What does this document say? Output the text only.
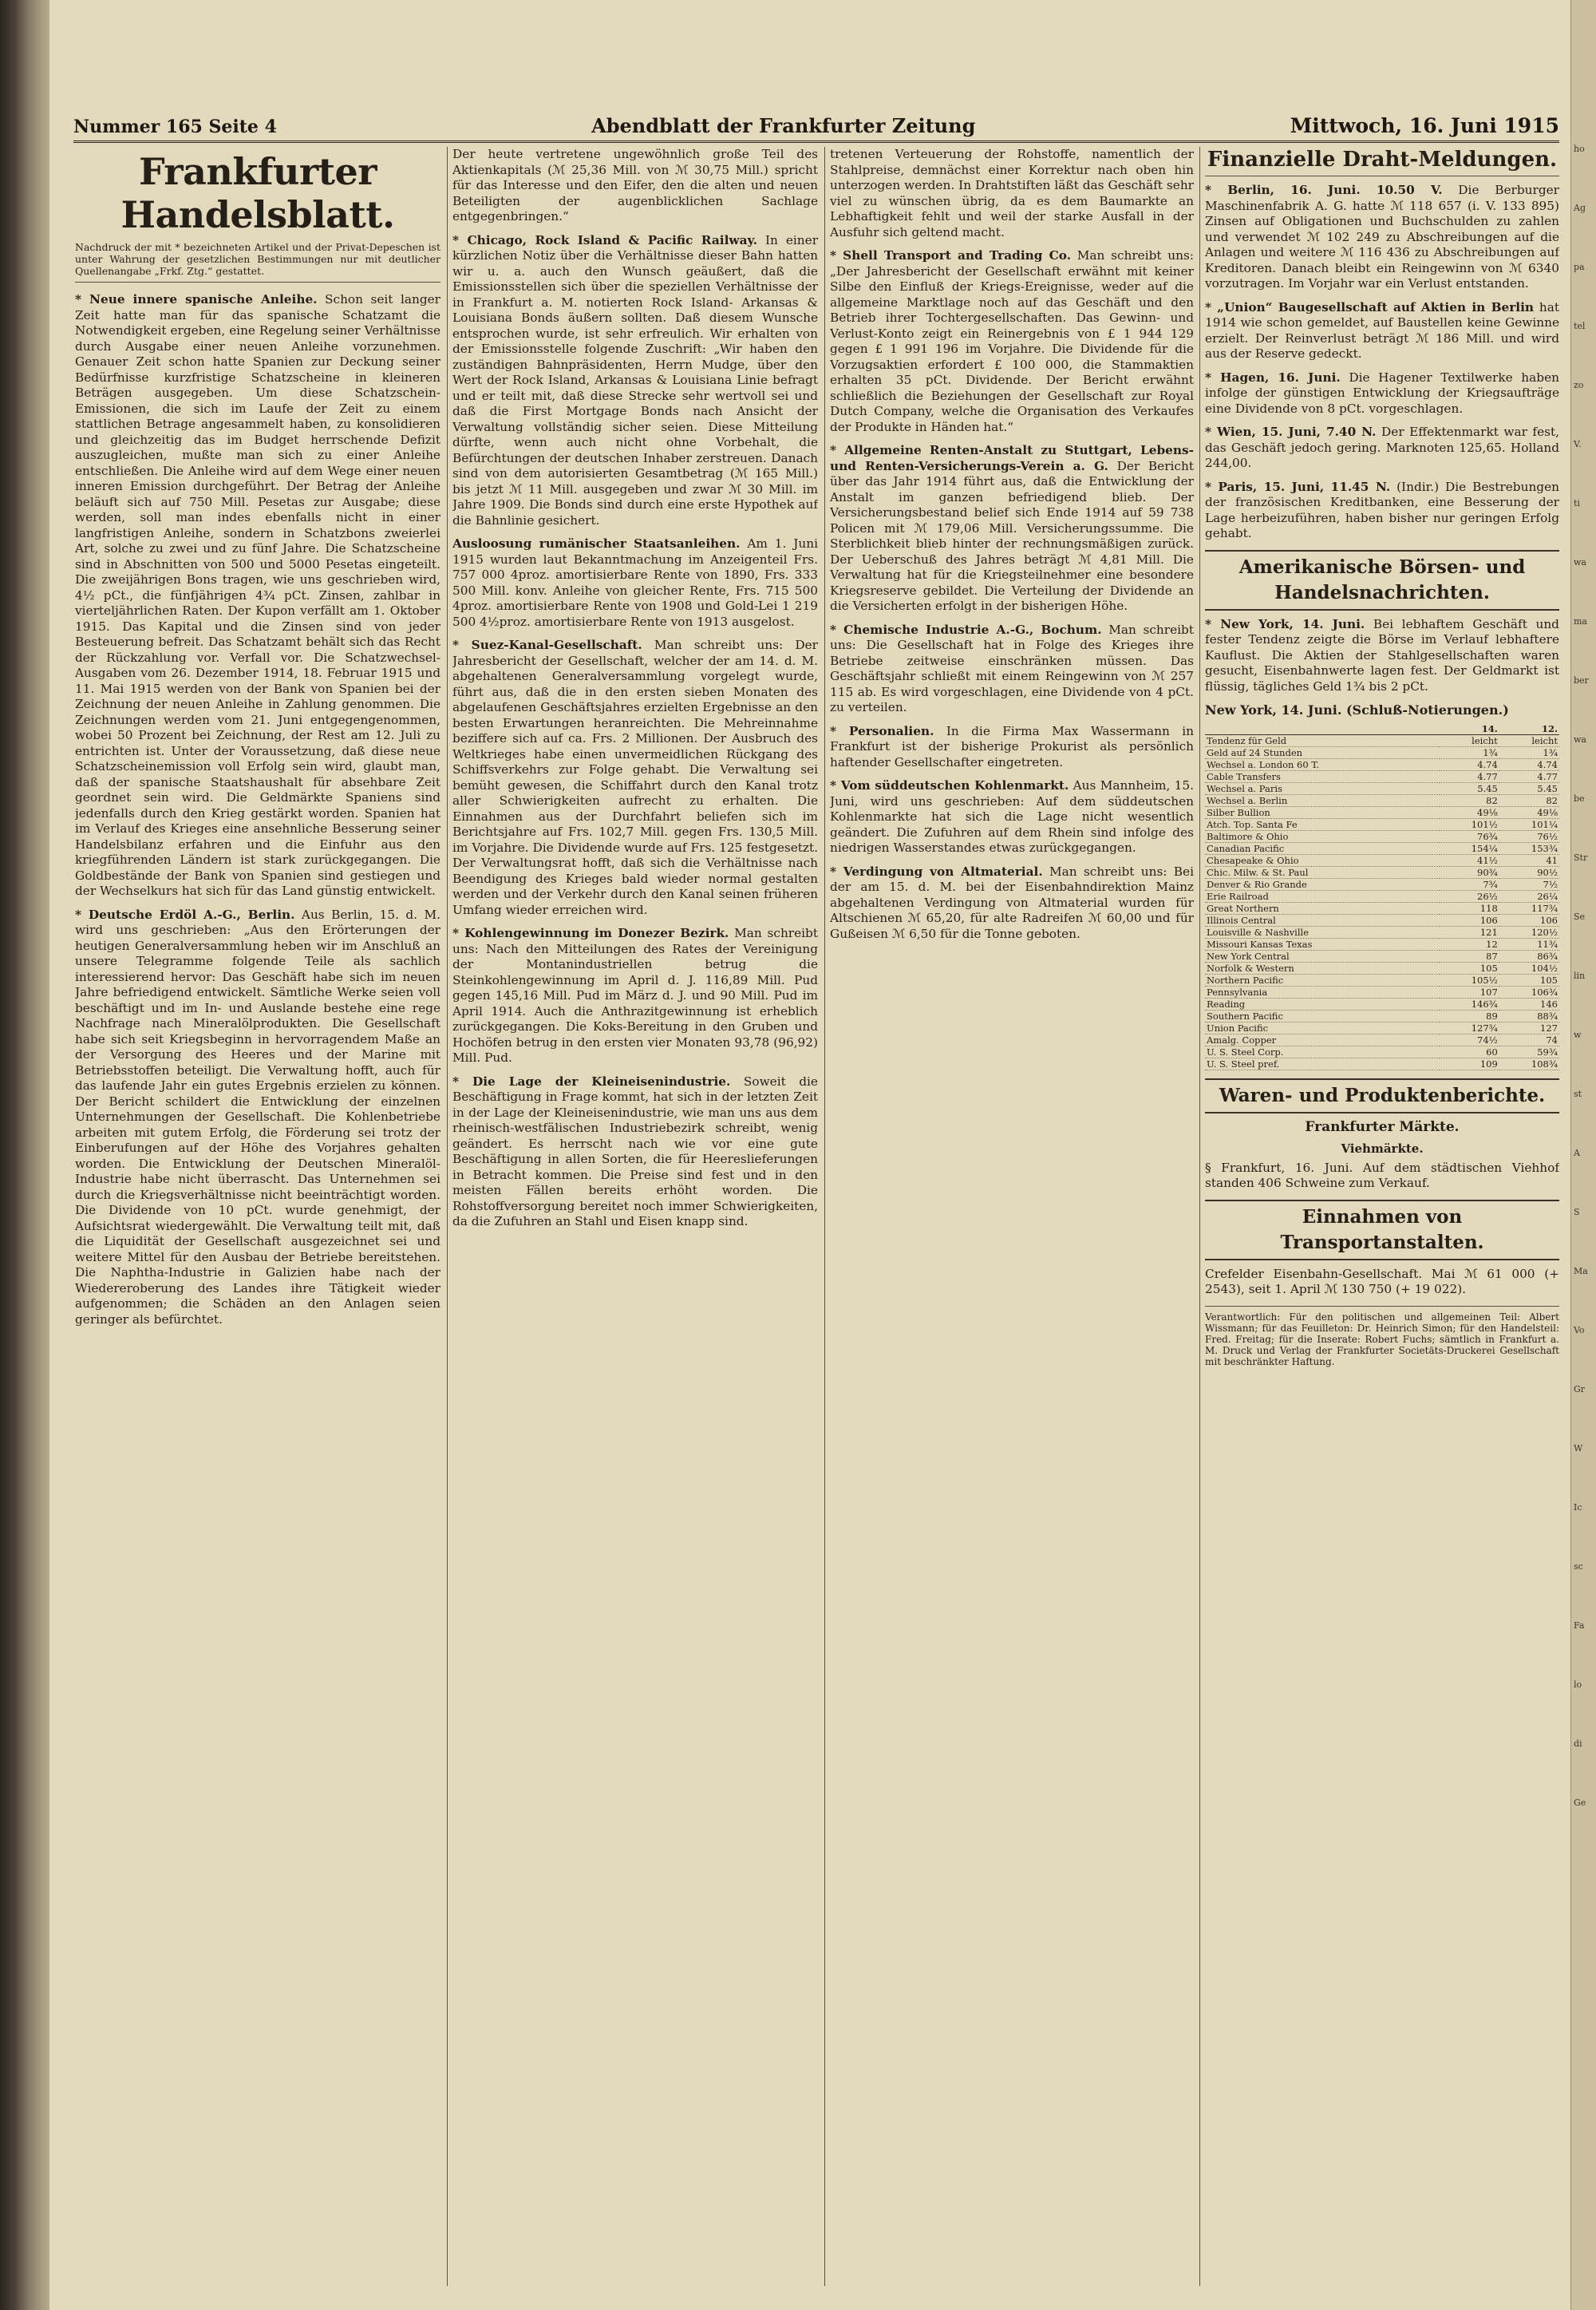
Nummer 165 Seite 4	Abendblatt der Frankfurter Zeitung	Mittwoch, 16. Juni 1915
Frankfurter Handelsblatt.
Nachdruck der mit * bezeichneten Artikel und der Privat-Depeschen ist unter Wahrung der gesetzlichen Bestimmungen nur mit deutlicher Quellenangabe „Frkf. Ztg.“ gestattet.
* Neue innere spanische Anleihe. Schon seit langer Zeit hatte man für das spanische Schatzamt die Notwendigkeit ergeben, eine Regelung seiner Verhältnisse durch Ausgabe einer neuen Anleihe vorzunehmen. Genauer Zeit schon hatte Spanien zur Deckung seiner Bedürfnisse kurzfristige Schatzscheine in kleineren Beträgen ausgegeben. Um diese Schatzschein-Emissionen, die sich im Laufe der Zeit zu einem stattlichen Betrage angesammelt haben, zu konsolidieren und gleichzeitig das im Budget herrschende Defizit auszugleichen, mußte man sich zu einer Anleihe entschließen. Die Anleihe wird auf dem Wege einer neuen inneren Emission durchgeführt. Der Betrag der Anleihe beläuft sich auf 750 Mill. Pesetas zur Ausgabe; diese werden, soll man indes ebenfalls nicht in einer langfristigen Anleihe, sondern in Schatzbons zweierlei Art, solche zu zwei und zu fünf Jahre. Die Schatzscheine sind in Abschnitten von 500 und 5000 Pesetas eingeteilt. Die zweijährigen Bons tragen, wie uns geschrieben wird, 4½ pCt., die fünfjährigen 4¾ pCt. Zinsen, zahlbar in vierteljährlichen Raten. Der Kupon verfällt am 1. Oktober 1915. Das Kapital und die Zinsen sind von jeder Besteuerung befreit. Das Schatzamt behält sich das Recht der Rückzahlung vor. Verfall vor. Die Schatzwechsel-Ausgaben vom 26. Dezember 1914, 18. Februar 1915 und 11. Mai 1915 werden von der Bank von Spanien bei der Zeichnung der neuen Anleihe in Zahlung genommen. Die Zeichnungen werden vom 21. Juni entgegengenommen, wobei 50 Prozent bei Zeichnung, der Rest am 12. Juli zu entrichten ist. Unter der Voraussetzung, daß diese neue Schatzscheinemission voll Erfolg sein wird, glaubt man, daß der spanische Staatshaushalt für absehbare Zeit geordnet sein wird. Die Geldmärkte Spaniens sind jedenfalls durch den Krieg gestärkt worden. Spanien hat im Verlauf des Krieges eine ansehnliche Besserung seiner Handelsbilanz erfahren und die Einfuhr aus den kriegführenden Ländern ist stark zurückgegangen. Die Goldbestände der Bank von Spanien sind gestiegen und der Wechselkurs hat sich für das Land günstig entwickelt.
* Deutsche Erdöl A.-G., Berlin. Aus Berlin, 15. d. M. wird uns geschrieben: „Aus den Erörterungen der heutigen Generalversammlung heben wir im Anschluß an unsere Telegramme folgende Teile als sachlich interessierend hervor: Das Geschäft habe sich im neuen Jahre befriedigend entwickelt. Sämtliche Werke seien voll beschäftigt und im In- und Auslande bestehe eine rege Nachfrage nach Mineralölprodukten. Die Gesellschaft habe sich seit Kriegsbeginn in hervorragendem Maße an der Versorgung des Heeres und der Marine mit Betriebsstoffen beteiligt. Die Verwaltung hofft, auch für das laufende Jahr ein gutes Ergebnis erzielen zu können. Der Bericht schildert die Entwicklung der einzelnen Unternehmungen der Gesellschaft. Die Kohlenbetriebe arbeiten mit gutem Erfolg, die Förderung sei trotz der Einberufungen auf der Höhe des Vorjahres gehalten worden. Die Entwicklung der Deutschen Mineralöl-Industrie habe nicht überrascht. Das Unternehmen sei durch die Kriegsverhältnisse nicht beeinträchtigt worden. Die Dividende von 10 pCt. wurde genehmigt, der Aufsichtsrat wiedergewählt. Die Verwaltung teilt mit, daß die Liquidität der Gesellschaft ausgezeichnet sei und weitere Mittel für den Ausbau der Betriebe bereitstehen. Die Naphtha-Industrie in Galizien habe nach der Wiedereroberung des Landes ihre Tätigkeit wieder aufgenommen; die Schäden an den Anlagen seien geringer als befürchtet.
Der heute vertretene ungewöhnlich große Teil des Aktienkapitals (ℳ 25,36 Mill. von ℳ 30,75 Mill.) spricht für das Interesse und den Eifer, den die alten und neuen Beteiligten der augenblicklichen Sachlage entgegenbringen.“
* Chicago, Rock Island & Pacific Railway. In einer kürzlichen Notiz über die Verhältnisse dieser Bahn hatten wir u. a. auch den Wunsch geäußert, daß die Emissionsstellen sich über die speziellen Verhältnisse der in Frankfurt a. M. notierten Rock Island- Arkansas & Louisiana Bonds äußern sollten. Daß diesem Wunsche entsprochen wurde, ist sehr erfreulich. Wir erhalten von der Emissionsstelle folgende Zuschrift: „Wir haben den zuständigen Bahnpräsidenten, Herrn Mudge, über den Wert der Rock Island, Arkansas & Louisiana Linie befragt und er teilt mit, daß diese Strecke sehr wertvoll sei und daß die First Mortgage Bonds nach Ansicht der Verwaltung vollständig sicher seien. Diese Mitteilung dürfte, wenn auch nicht ohne Vorbehalt, die Befürchtungen der deutschen Inhaber zerstreuen. Danach sind von dem autorisierten Gesamtbetrag (ℳ 165 Mill.) bis jetzt ℳ 11 Mill. ausgegeben und zwar ℳ 30 Mill. im Jahre 1909. Die Bonds sind durch eine erste Hypothek auf die Bahnlinie gesichert.
Ausloosung rumänischer Staatsanleihen. Am 1. Juni 1915 wurden laut Bekanntmachung im Anzeigenteil Frs. 757 000 4proz. amortisierbare Rente von 1890, Frs. 333 500 Mill. konv. Anleihe von gleicher Rente, Frs. 715 500 4proz. amortisierbare Rente von 1908 und Gold-Lei 1 219 500 4½proz. amortisierbare Rente von 1913 ausgelost.
* Suez-Kanal-Gesellschaft. Man schreibt uns: Der Jahresbericht der Gesellschaft, welcher der am 14. d. M. abgehaltenen Generalversammlung vorgelegt wurde, führt aus, daß die in den ersten sieben Monaten des abgelaufenen Geschäftsjahres erzielten Ergebnisse an den besten Erwartungen heranreichten. Die Mehreinnahme beziffere sich auf ca. Frs. 2 Millionen. Der Ausbruch des Weltkrieges habe einen unvermeidlichen Rückgang des Schiffsverkehrs zur Folge gehabt. Die Verwaltung sei bemüht gewesen, die Schiffahrt durch den Kanal trotz aller Schwierigkeiten aufrecht zu erhalten. Die Einnahmen aus der Durchfahrt beliefen sich im Berichtsjahre auf Frs. 102,7 Mill. gegen Frs. 130,5 Mill. im Vorjahre. Die Dividende wurde auf Frs. 125 festgesetzt. Der Verwaltungsrat hofft, daß sich die Verhältnisse nach Beendigung des Krieges bald wieder normal gestalten werden und der Verkehr durch den Kanal seinen früheren Umfang wieder erreichen wird.
* Kohlengewinnung im Donezer Bezirk. Man schreibt uns: Nach den Mitteilungen des Rates der Vereinigung der Montanindustriellen betrug die Steinkohlengewinnung im April d. J. 116,89 Mill. Pud gegen 145,16 Mill. Pud im März d. J. und 90 Mill. Pud im April 1914. Auch die Anthrazitgewinnung ist erheblich zurückgegangen. Die Koks-Bereitung in den Gruben und Hochöfen betrug in den ersten vier Monaten 93,78 (96,92) Mill. Pud.
* Die Lage der Kleineisenindustrie. Soweit die Beschäftigung in Frage kommt, hat sich in der letzten Zeit in der Lage der Kleineisenindustrie, wie man uns aus dem rheinisch-westfälischen Industriebezirk schreibt, wenig geändert. Es herrscht nach wie vor eine gute Beschäftigung in allen Sorten, die für Heereslieferungen in Betracht kommen. Die Preise sind fest und in den meisten Fällen bereits erhöht worden. Die Rohstoffversorgung bereitet noch immer Schwierigkeiten, da die Zufuhren an Stahl und Eisen knapp sind.
tretenen Verteuerung der Rohstoffe, namentlich der Stahlpreise, demnächst einer Korrektur nach oben hin unterzogen werden. In Drahtstiften läßt das Geschäft sehr viel zu wünschen übrig, da es dem Baumarkte an Lebhaftigkeit fehlt und weil der starke Ausfall in der Ausfuhr sich geltend macht.
* Shell Transport and Trading Co. Man schreibt uns: „Der Jahresbericht der Gesellschaft erwähnt mit keiner Silbe den Einfluß der Kriegs-Ereignisse, weder auf die allgemeine Marktlage noch auf das Geschäft und den Betrieb ihrer Tochtergesellschaften. Das Gewinn- und Verlust-Konto zeigt ein Reinergebnis von £ 1 944 129 gegen £ 1 991 196 im Vorjahre. Die Dividende für die Vorzugsaktien erfordert £ 100 000, die Stammaktien erhalten 35 pCt. Dividende. Der Bericht erwähnt schließlich die Beziehungen der Gesellschaft zur Royal Dutch Company, welche die Organisation des Verkaufes der Produkte in Händen hat.“
* Allgemeine Renten-Anstalt zu Stuttgart, Lebens- und Renten-Versicherungs-Verein a. G. Der Bericht über das Jahr 1914 führt aus, daß die Entwicklung der Anstalt im ganzen befriedigend blieb. Der Versicherungsbestand belief sich Ende 1914 auf 59 738 Policen mit ℳ 179,06 Mill. Versicherungssumme. Die Sterblichkeit blieb hinter der rechnungsmäßigen zurück. Der Ueberschuß des Jahres beträgt ℳ 4,81 Mill. Die Verwaltung hat für die Kriegsteilnehmer eine besondere Kriegsreserve gebildet. Die Verteilung der Dividende an die Versicherten erfolgt in der bisherigen Höhe.
* Chemische Industrie A.-G., Bochum. Man schreibt uns: Die Gesellschaft hat in Folge des Krieges ihre Betriebe zeitweise einschränken müssen. Das Geschäftsjahr schließt mit einem Reingewinn von ℳ 257 115 ab. Es wird vorgeschlagen, eine Dividende von 4 pCt. zu verteilen.
* Personalien. In die Firma Max Wassermann in Frankfurt ist der bisherige Prokurist als persönlich haftender Gesellschafter eingetreten.
* Vom süddeutschen Kohlenmarkt. Aus Mannheim, 15. Juni, wird uns geschrieben: Auf dem süddeutschen Kohlenmarkte hat sich die Lage nicht wesentlich geändert. Die Zufuhren auf dem Rhein sind infolge des niedrigen Wasserstandes etwas zurückgegangen.
* Verdingung von Altmaterial. Man schreibt uns: Bei der am 15. d. M. bei der Eisenbahndirektion Mainz abgehaltenen Verdingung von Altmaterial wurden für Altschienen ℳ 65,20, für alte Radreifen ℳ 60,00 und für Gußeisen ℳ 6,50 für die Tonne geboten.
Finanzielle Draht-Meldungen.
* Berlin, 16. Juni. 10.50 V. Die Berburger Maschinenfabrik A. G. hatte ℳ 118 657 (i. V. 133 895) Zinsen auf Obligationen und Buchschulden zu zahlen und verwendet ℳ 102 249 zu Abschreibungen auf die Anlagen und weitere ℳ 116 436 zu Abschreibungen auf Kreditoren. Danach bleibt ein Reingewinn von ℳ 6340 vorzutragen. Im Vorjahr war ein Verlust entstanden.
* „Union“ Baugesellschaft auf Aktien in Berlin hat 1914 wie schon gemeldet, auf Baustellen keine Gewinne erzielt. Der Reinverlust beträgt ℳ 186 Mill. und wird aus der Reserve gedeckt.
* Hagen, 16. Juni. Die Hagener Textilwerke haben infolge der günstigen Entwicklung der Kriegsaufträge eine Dividende von 8 pCt. vorgeschlagen.
* Wien, 15. Juni, 7.40 N. Der Effektenmarkt war fest, das Geschäft jedoch gering. Marknoten 125,65. Holland 244,00.
* Paris, 15. Juni, 11.45 N. (Indir.) Die Bestrebungen der französischen Kreditbanken, eine Besserung der Lage herbeizuführen, haben bisher nur geringen Erfolg gehabt.
Amerikanische Börsen- und Handelsnachrichten.
* New York, 14. Juni. Bei lebhaftem Geschäft und fester Tendenz zeigte die Börse im Verlauf lebhaftere Kauflust. Die Aktien der Stahlgesellschaften waren gesucht, Eisenbahnwerte lagen fest. Der Geldmarkt ist flüssig, tägliches Geld 1¾ bis 2 pCt.
New York, 14. Juni. (Schluß-Notierungen.)
	14.	12.
Tendenz für Geld	leicht	leicht
Geld auf 24 Stunden	1¾	1¾
Wechsel a. London 60 T.	4.74	4.74
Cable Transfers	4.77	4.77
Wechsel a. Paris	5.45	5.45
Wechsel a. Berlin	82	82
Silber Bullion	49⅛	49⅛
Atch. Top. Santa Fe	101½	101¼
Baltimore & Ohio	76¾	76½
Canadian Pacific	154¼	153¾
Chesapeake & Ohio	41½	41
Chic. Milw. & St. Paul	90¾	90½
Denver & Rio Grande	7¾	7½
Erie Railroad	26½	26¼
Great Northern	118	117¾
Illinois Central	106	106
Louisville & Nashville	121	120½
Missouri Kansas Texas	12	11¾
New York Central	87	86¾
Norfolk & Western	105	104½
Northern Pacific	105½	105
Pennsylvania	107	106¾
Reading	146¾	146
Southern Pacific	89	88¾
Union Pacific	127¾	127
Amalg. Copper	74½	74
U. S. Steel Corp.	60	59¾
U. S. Steel pref.	109	108¾
Waren- und Produktenberichte.
Frankfurter Märkte.
Viehmärkte.
§ Frankfurt, 16. Juni. Auf dem städtischen Viehhof standen 406 Schweine zum Verkauf.
Einnahmen von Transportanstalten.
Crefelder Eisenbahn-Gesellschaft. Mai ℳ 61 000 (+ 2543), seit 1. April ℳ 130 750 (+ 19 022).
Verantwortlich: Für den politischen und allgemeinen Teil: Albert Wissmann; für das Feuilleton: Dr. Heinrich Simon; für den Handelsteil: Fred. Freitag; für die Inserate: Robert Fuchs; sämtlich in Frankfurt a. M. Druck und Verlag der Frankfurter Societäts-Druckerei Gesellschaft mit beschränkter Haftung.
ho
Ag
pa
tel
zo
V.
ti
wa
ma
ber
wa
be
Str
Se
lin
w
st
A
S
Ma
Vo
Gr
W
Ic
sc
Fa
lo
di
Ge
